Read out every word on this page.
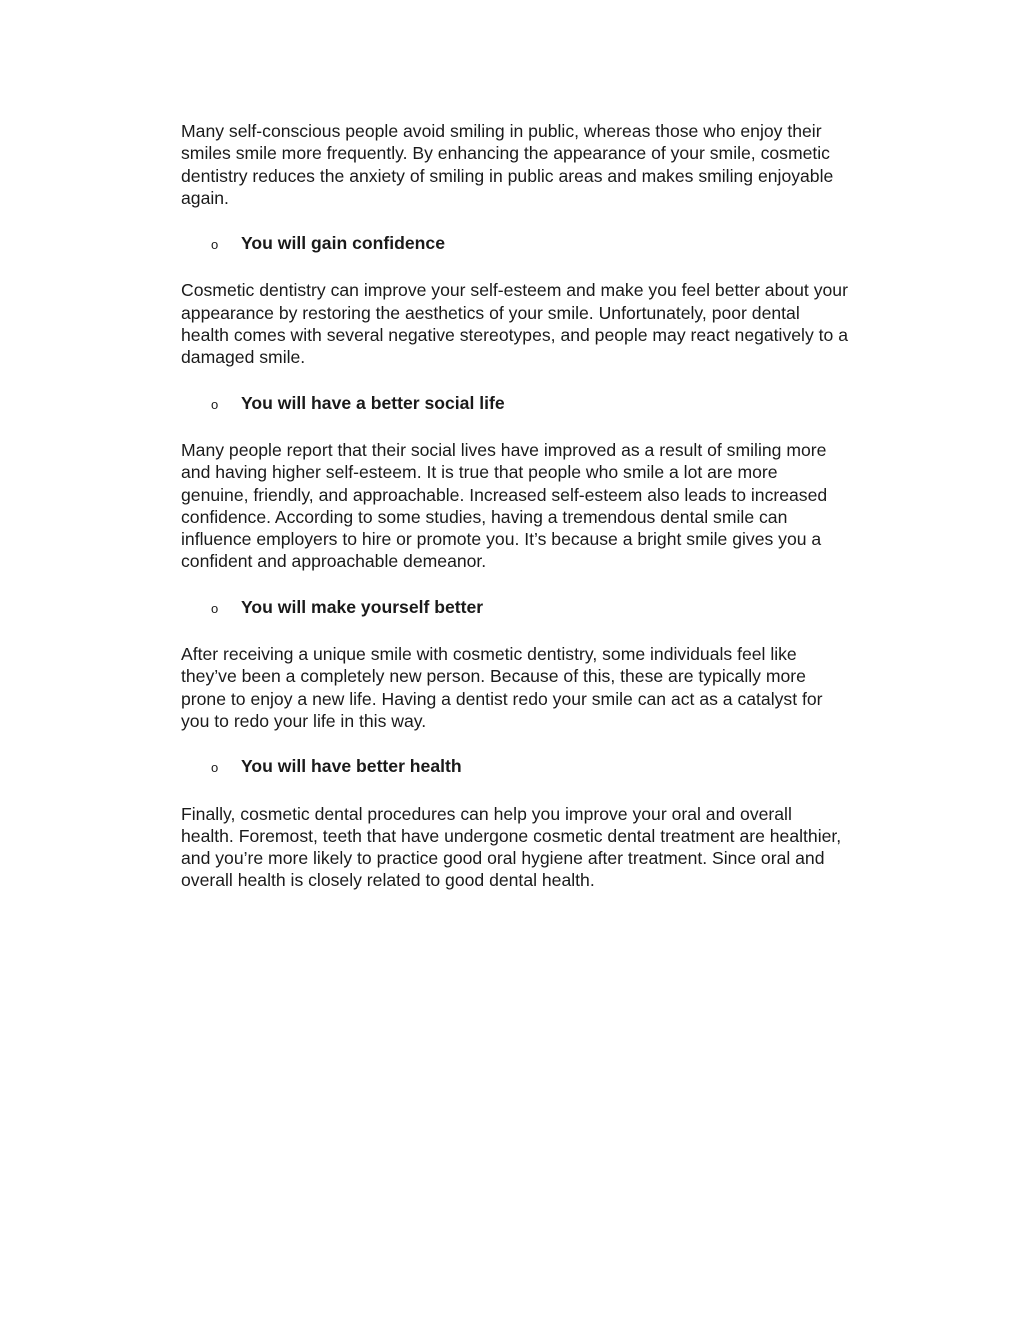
Many self-conscious people avoid smiling in public, whereas those who enjoy their
smiles smile more frequently. By enhancing the appearance of your smile, cosmetic
dentistry reduces the anxiety of smiling in public areas and makes smiling enjoyable
again.

o	You will gain confidence

Cosmetic dentistry can improve your self-esteem and make you feel better about your
appearance by restoring the aesthetics of your smile. Unfortunately, poor dental
health comes with several negative stereotypes, and people may react negatively to a
damaged smile.

o	You will have a better social life

Many people report that their social lives have improved as a result of smiling more
and having higher self-esteem. It is true that people who smile a lot are more
genuine, friendly, and approachable. Increased self-esteem also leads to increased
confidence. According to some studies, having a tremendous dental smile can
influence employers to hire or promote you. It’s because a bright smile gives you a
confident and approachable demeanor.

o	You will make yourself better

After receiving a unique smile with cosmetic dentistry, some individuals feel like
they’ve been a completely new person. Because of this, these are typically more
prone to enjoy a new life. Having a dentist redo your smile can act as a catalyst for
you to redo your life in this way.

o	You will have better health

Finally, cosmetic dental procedures can help you improve your oral and overall
health. Foremost, teeth that have undergone cosmetic dental treatment are healthier,
and you’re more likely to practice good oral hygiene after treatment. Since oral and
overall health is closely related to good dental health.
